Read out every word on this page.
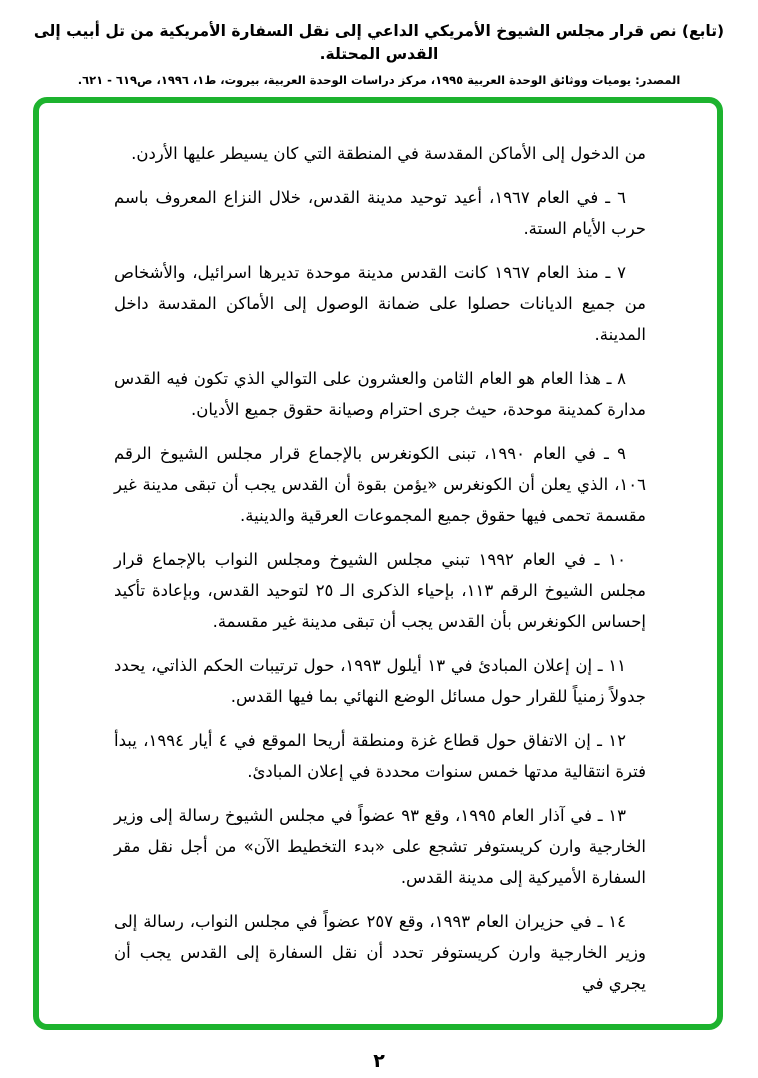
(تابع) نص قرار مجلس الشيوخ الأمريكي الداعي إلى نقل السفارة الأمريكية من تل أبيب إلى القدس المحتلة.
المصدر: يوميات ووثائق الوحدة العربية ١٩٩٥، مركز دراسات الوحدة العربية، بيروت، ط١، ١٩٩٦، ص٦١٩ - ٦٢١.

من الدخول إلى الأماكن المقدسة في المنطقة التي كان يسيطر عليها الأردن.

٦ ـ في العام ١٩٦٧، أعيد توحيد مدينة القدس، خلال النزاع المعروف باسم حرب الأيام الستة.

٧ ـ منذ العام ١٩٦٧ كانت القدس مدينة موحدة تديرها اسرائيل، والأشخاص من جميع الديانات حصلوا على ضمانة الوصول إلى الأماكن المقدسة داخل المدينة.

٨ ـ هذا العام هو العام الثامن والعشرون على التوالي الذي تكون فيه القدس مدارة كمدينة موحدة، حيث جرى احترام وصيانة حقوق جميع الأديان.

٩ ـ في العام ١٩٩٠، تبنى الكونغرس بالإجماع قرار مجلس الشيوخ الرقم ١٠٦، الذي يعلن أن الكونغرس «يؤمن بقوة أن القدس يجب أن تبقى مدينة غير مقسمة تحمى فيها حقوق جميع المجموعات العرقية والدينية.

١٠ ـ في العام ١٩٩٢ تبني مجلس الشيوخ ومجلس النواب بالإجماع قرار مجلس الشيوخ الرقم ١١٣، بإحياء الذكرى الـ ٢٥ لتوحيد القدس، وبإعادة تأكيد إحساس الكونغرس بأن القدس يجب أن تبقى مدينة غير مقسمة.

١١ ـ إن إعلان المبادئ في ١٣ أيلول ١٩٩٣، حول ترتيبات الحكم الذاتي، يحدد جدولاً زمنياً للقرار حول مسائل الوضع النهائي بما فيها القدس.

١٢ ـ إن الاتفاق حول قطاع غزة ومنطقة أريحا الموقع في ٤ أيار ١٩٩٤، يبدأ فترة انتقالية مدتها خمس سنوات محددة في إعلان المبادئ.

١٣ ـ في آذار العام ١٩٩٥، وقع ٩٣ عضواً في مجلس الشيوخ رسالة إلى وزير الخارجية وارن كريستوفر تشجع على «بدء التخطيط الآن» من أجل نقل مقر السفارة الأميركية إلى مدينة القدس.

١٤ ـ في حزيران العام ١٩٩٣، وقع ٢٥٧ عضواً في مجلس النواب، رسالة إلى وزير الخارجية وارن كريستوفر تحدد أن نقل السفارة إلى القدس يجب أن يجري في

٢
